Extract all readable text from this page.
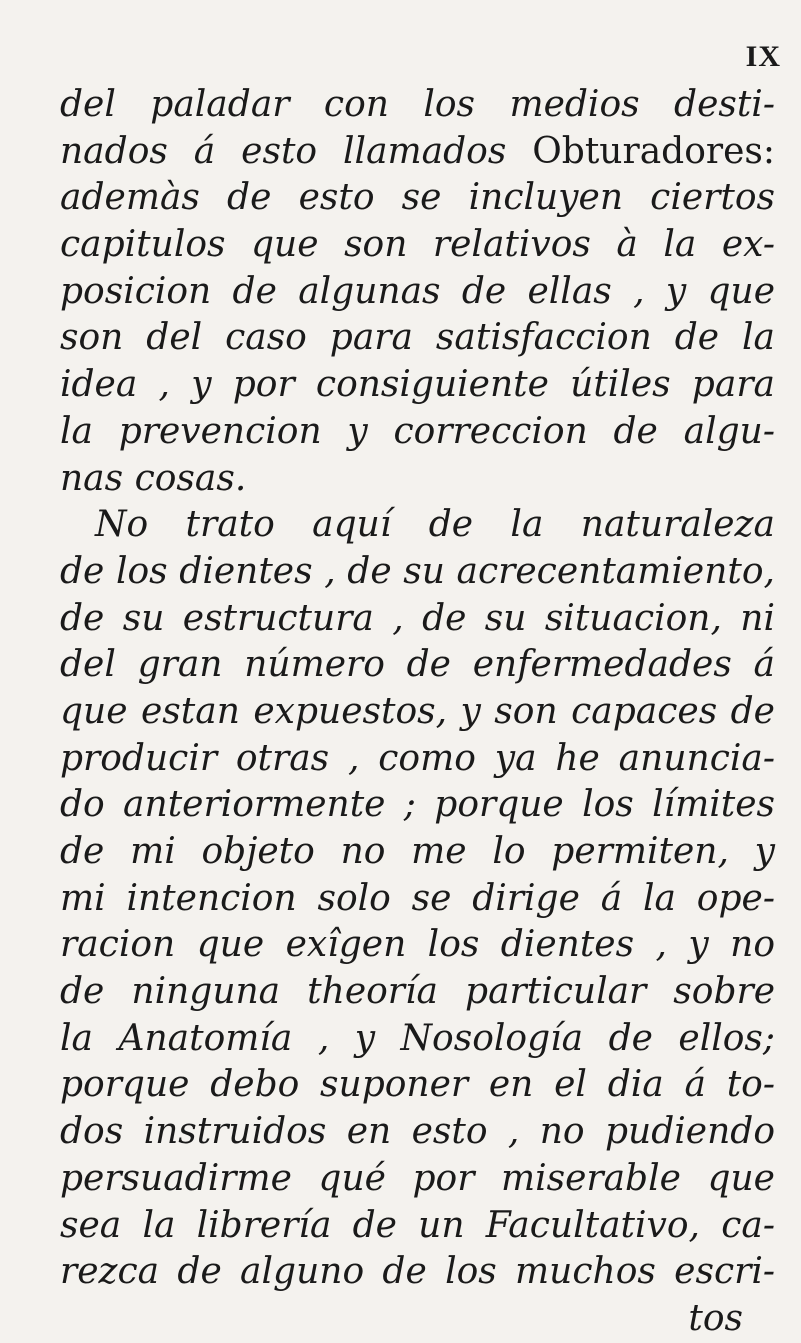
IX
del paladar con los medios desti-
nados á esto llamados Obturadores:
ademàs de esto se incluyen ciertos
capitulos que son relativos à la ex-
posicion de algunas de ellas , y que
son del caso para satisfaccion de la
idea , y por consiguiente útiles para
la prevencion y correccion de algu-
nas cosas.
No trato aquí de la naturaleza
de los dientes , de su acrecentamiento,
de su estructura , de su situacion, ni
del gran número de enfermedades á
que estan expuestos, y son capaces de
producir otras , como ya he anuncia-
do anteriormente ; porque los límites
de mi objeto no me lo permiten, y
mi intencion solo se dirige á la ope-
racion que exîgen los dientes , y no
de ninguna theoría particular sobre
la Anatomía , y Nosología de ellos;
porque debo suponer en el dia á to-
dos instruidos en esto , no pudiendo
persuadirme qué por miserable que
sea la librería de un Facultativo, ca-
rezca de alguno de los muchos escri-
tos
